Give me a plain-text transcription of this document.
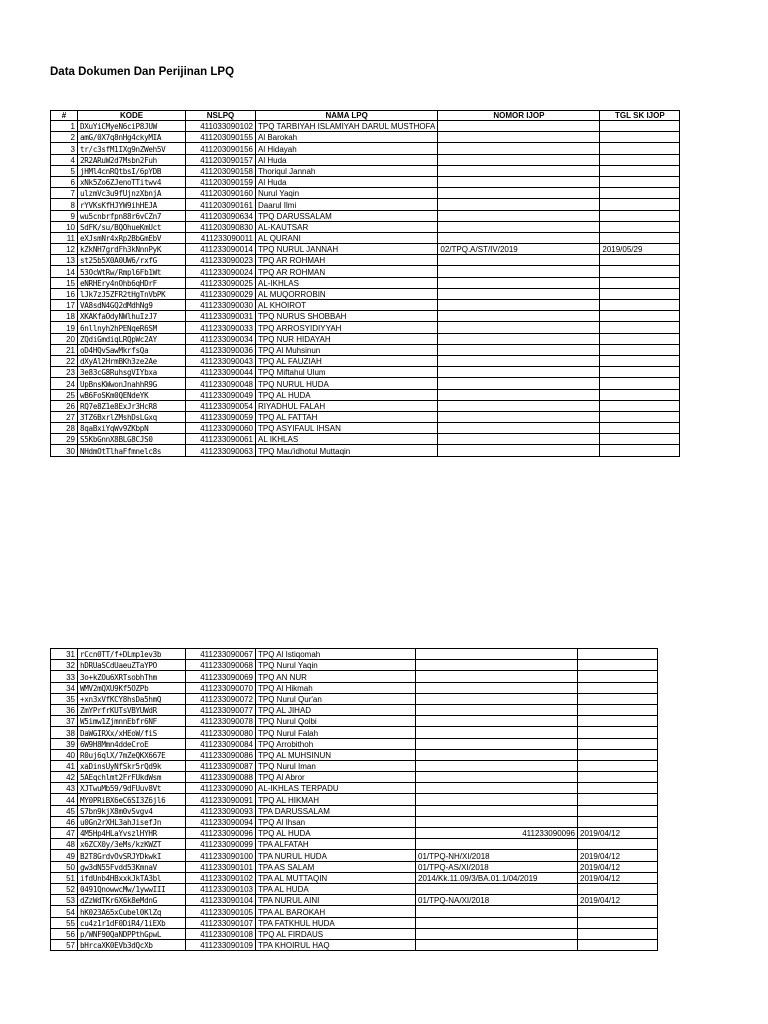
Data Dokumen Dan Perijinan LPQ
#	KODE	NSLPQ	NAMA LPQ	NOMOR IJOP	TGL SK IJOP
1	DXuYiCMyeN6ciP8JUW	411033090102	TPQ TARBIYAH ISLAMIYAH DARUL MUSTHOFA		
2	amG/0X7q8nHg4ckyMIA	411203090155	Al Barokah		
3	tr/c3sfM1IXg9nZWeh5V	411203090156	Al Hidayah		
4	2R2ARuW2d7Msbn2Fuh	411203090157	Al Huda		
5	jHMl4cnRQtbsI/6pYDB	411203090158	Thoriqul Jannah		
6	xNk5Zo6ZJenoTTitwv4	411203090159	Al Huda		
7	ulzmVc3u9fUjnzXbnjA	411203090160	Nurul Yaqin		
8	rYVKsKfHJYW9ihHEJA	411203090161	Daarul Ilmi		
9	wu5cnbrfpn88r6vCZn7	411203090634	TPQ DARUSSALAM		
10	SdFK/su/BQOhueKmUct	411203090830	AL-KAUTSAR		
11	eXJsmNr4xRp2BbGmEbV	411233090011	AL QURANI		
12	kZkNH7grdFh3kNnnPyK	411233090014	TPQ NURUL JANNAH	02/TPQ.A/ST/IV/2019	2019/05/29
13	st25b5X0A0UW6/rxfG	411233090023	TPQ AR ROHMAH		
14	53OcWtRw/Rmpl6Fb1Wt	411233090024	TPQ AR ROHMAN		
15	eNRHEry4nOhb6qHDrF	411233090025	AL-IKHLAS		
16	lJk7zJ5ZFR2tHgTnVbPK	411233090029	AL MUQORROBIN		
17	VA8sdN4GQ2dMdhNg9	411233090030	AL KHOIROT		
18	XKAKfaOdyNWlhuIzJ7	411233090031	TPQ NURUS SHOBBAH		
19	6nllnyh2hPENqeR6SM	411233090033	TPQ ARROSYIDIYYAH		
20	ZQdiGmdiqLRQpWc2AY	411233090034	TPQ NUR HIDAYAH		
21	oD4HQvSawMkrfsQa	411233090036	TPQ Al Muhsinun		
22	dXyAl2HrmBKh3ze2Ae	411233090043	TPQ AL FAUZIAH		
23	3e83cG8RuhsgVIYbxa	411233090044	TPQ Miftahul Ulum		
24	UpBnsKWwonJnahhR9G	411233090048	TPQ NURUL HUDA		
25	wB6FoSKm0QENdeYK	411233090049	TPQ AL HUDA		
26	RQ7e8Z1e8ExJr3HcR8	411233090054	RIYADHUL FALAH		
27	3TZ6BxrlZMshDsLGxq	411233090059	TPQ AL FATTAH		
28	8qaBxiYqWv9ZKbpN	411233090060	TPQ ASYIFAUL IHSAN		
29	S5KbGnnX8BLG8CJS0	411233090061	AL IKHLAS		
30	NHdmOtTlhaFfmnelc8s	411233090063	TPQ Mau'idhotul Muttaqin		
31	rCcn0TT/f+DLmp1ev3b	411233090067	TPQ Al Istiqomah		
32	hDRUaSCdUaeuZTaYPO	411233090068	TPQ Nurul Yaqin		
33	3o+kZOu6XRTsobhThm	411233090069	TPQ AN NUR		
34	WMV2mQXU9Kf5OZPb	411233090070	TPQ Al Hikmah		
35	+xn3xVfKCY8hsDa5hmQ	411233090072	TPQ Nurul Qur'an		
36	ZmYPrfrKUTsVBYUWdR	411233090077	TPQ AL JIHAD		
37	W5imw1ZjmnnEbfr6NF	411233090078	TPQ Nurul Qolbi		
38	DaWGIRXx/xHEoW/fiS	411233090080	TPQ Nurul Falah		
39	6W9H8Mmn4ddeCroE	411233090084	TPQ Arrobithoh		
40	R0uj6qlX/7mZeQKX667E	411233090086	TPQ AL MUHSINUN		
41	xaDinsUyNfSkr5rQd9k	411233090087	TPQ Nurul Iman		
42	5AEqchlmt2FrFUkdWsm	411233090088	TPQ Al Abror		
43	XJTwuMb59/9dFUuv8Vt	411233090090	AL-IKHLAS TERPADU		
44	MY0PRiBX6eC6SI3Z6jl6	411233090091	TPQ AL HIKMAH		
45	S7bn9kjX8m0vSvgv4	411233090093	TPA DARUSSALAM		
46	u0Gn2rXHL3ahJisefJn	411233090094	TPQ Al Ihsan		
47	4M5Hp4HLaYvszlHYHR	411233090096	TPQ AL HUDA	411233090096	2019/04/12
48	x6ZCX0y/3eMs/kzKWZT	411233090099	TPA ALFATAH		
49	B2T8GrdvOvSRJYDkwkI	411233090100	TPA NURUL HUDA	01/TPQ-NH/XI/2018	2019/04/12
50	gw3dN55Fvdd53KmnaV	411233090101	TPA AS SALAM	01/TPQ-AS/XI/2018	2019/04/12
51	ifdUnb4HBxxkJkTA3bl	411233090102	TPA AL MUTTAQIN	2014/Kk.11.09/3/BA.01.1/04/2019	2019/04/12
52	0491QnowwcMw/1ywwIII	411233090103	TPA AL HUDA		
53	dZzWdTKr6X6k8eMdnG	411233090104	TPA NURUL AINI	01/TPQ-NA/XI/2018	2019/04/12
54	hK023A65xCubel0KlZq	411233090105	TPA AL BAROKAH		
55	cu4z1r1dF0DiR4/1iEXb	411233090107	TPA FATKHUL HUDA		
56	p/WNF90QaNDPPthGpwL	411233090108	TPQ AL FIRDAUS		
57	bHrcaXK0EVb3dQcXb	411233090109	TPA KHOIRUL HAQ		
